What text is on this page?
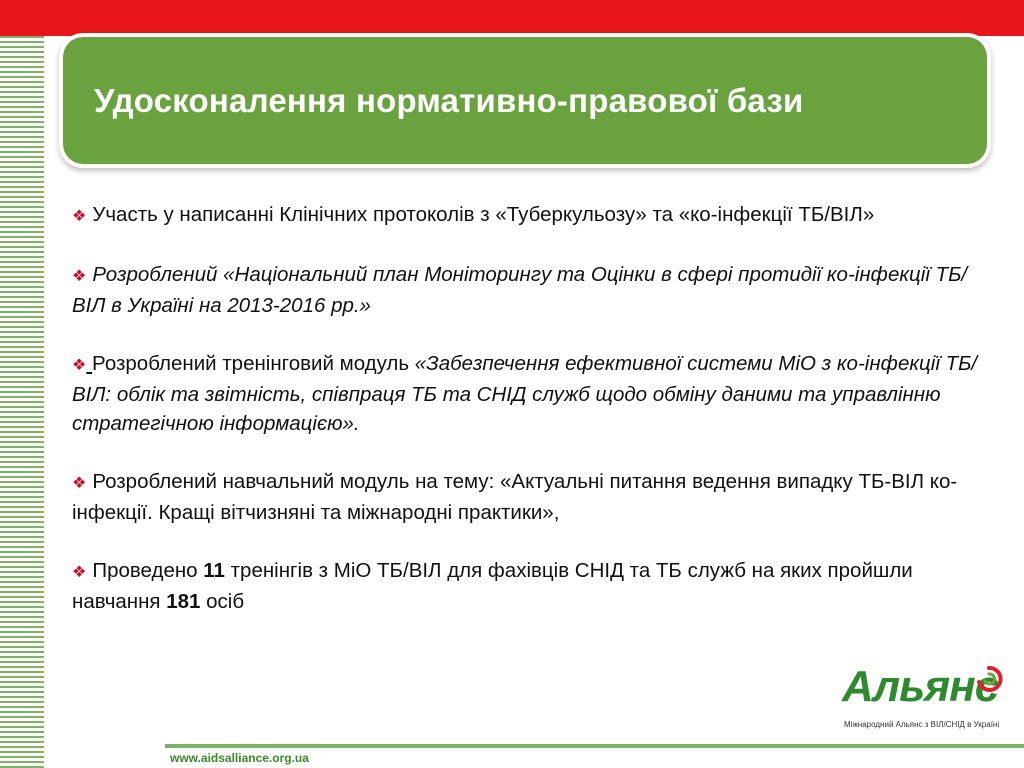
Удосконалення нормативно-правової бази

❖ Участь у написанні Клінічних протоколів з «Туберкульозу» та «ко-інфекції ТБ/ВІЛ»

❖ Розроблений «Національний план Моніторингу та Оцінки в сфері протидії ко-інфекції ТБ/ВІЛ в Україні на 2013-2016 рр.»

❖ Розроблений тренінговий модуль «Забезпечення ефективної системи МіО з ко-інфекції ТБ/ВІЛ: облік та звітність, співпраця ТБ та СНІД служб щодо обміну даними та управлінню стратегічною інформацією».

❖ Розроблений навчальний модуль на тему: «Актуальні питання ведення випадку ТБ-ВІЛ ко-інфекції. Кращі вітчизняні та міжнародні практики»,

❖ Проведено 11 тренінгів з МіО ТБ/ВІЛ для фахівців СНІД та ТБ служб на яких пройшли навчання 181 осіб

Альянс
Міжнародний Альянс з ВІЛ/СНІД в Україні
www.aidsalliance.org.ua
